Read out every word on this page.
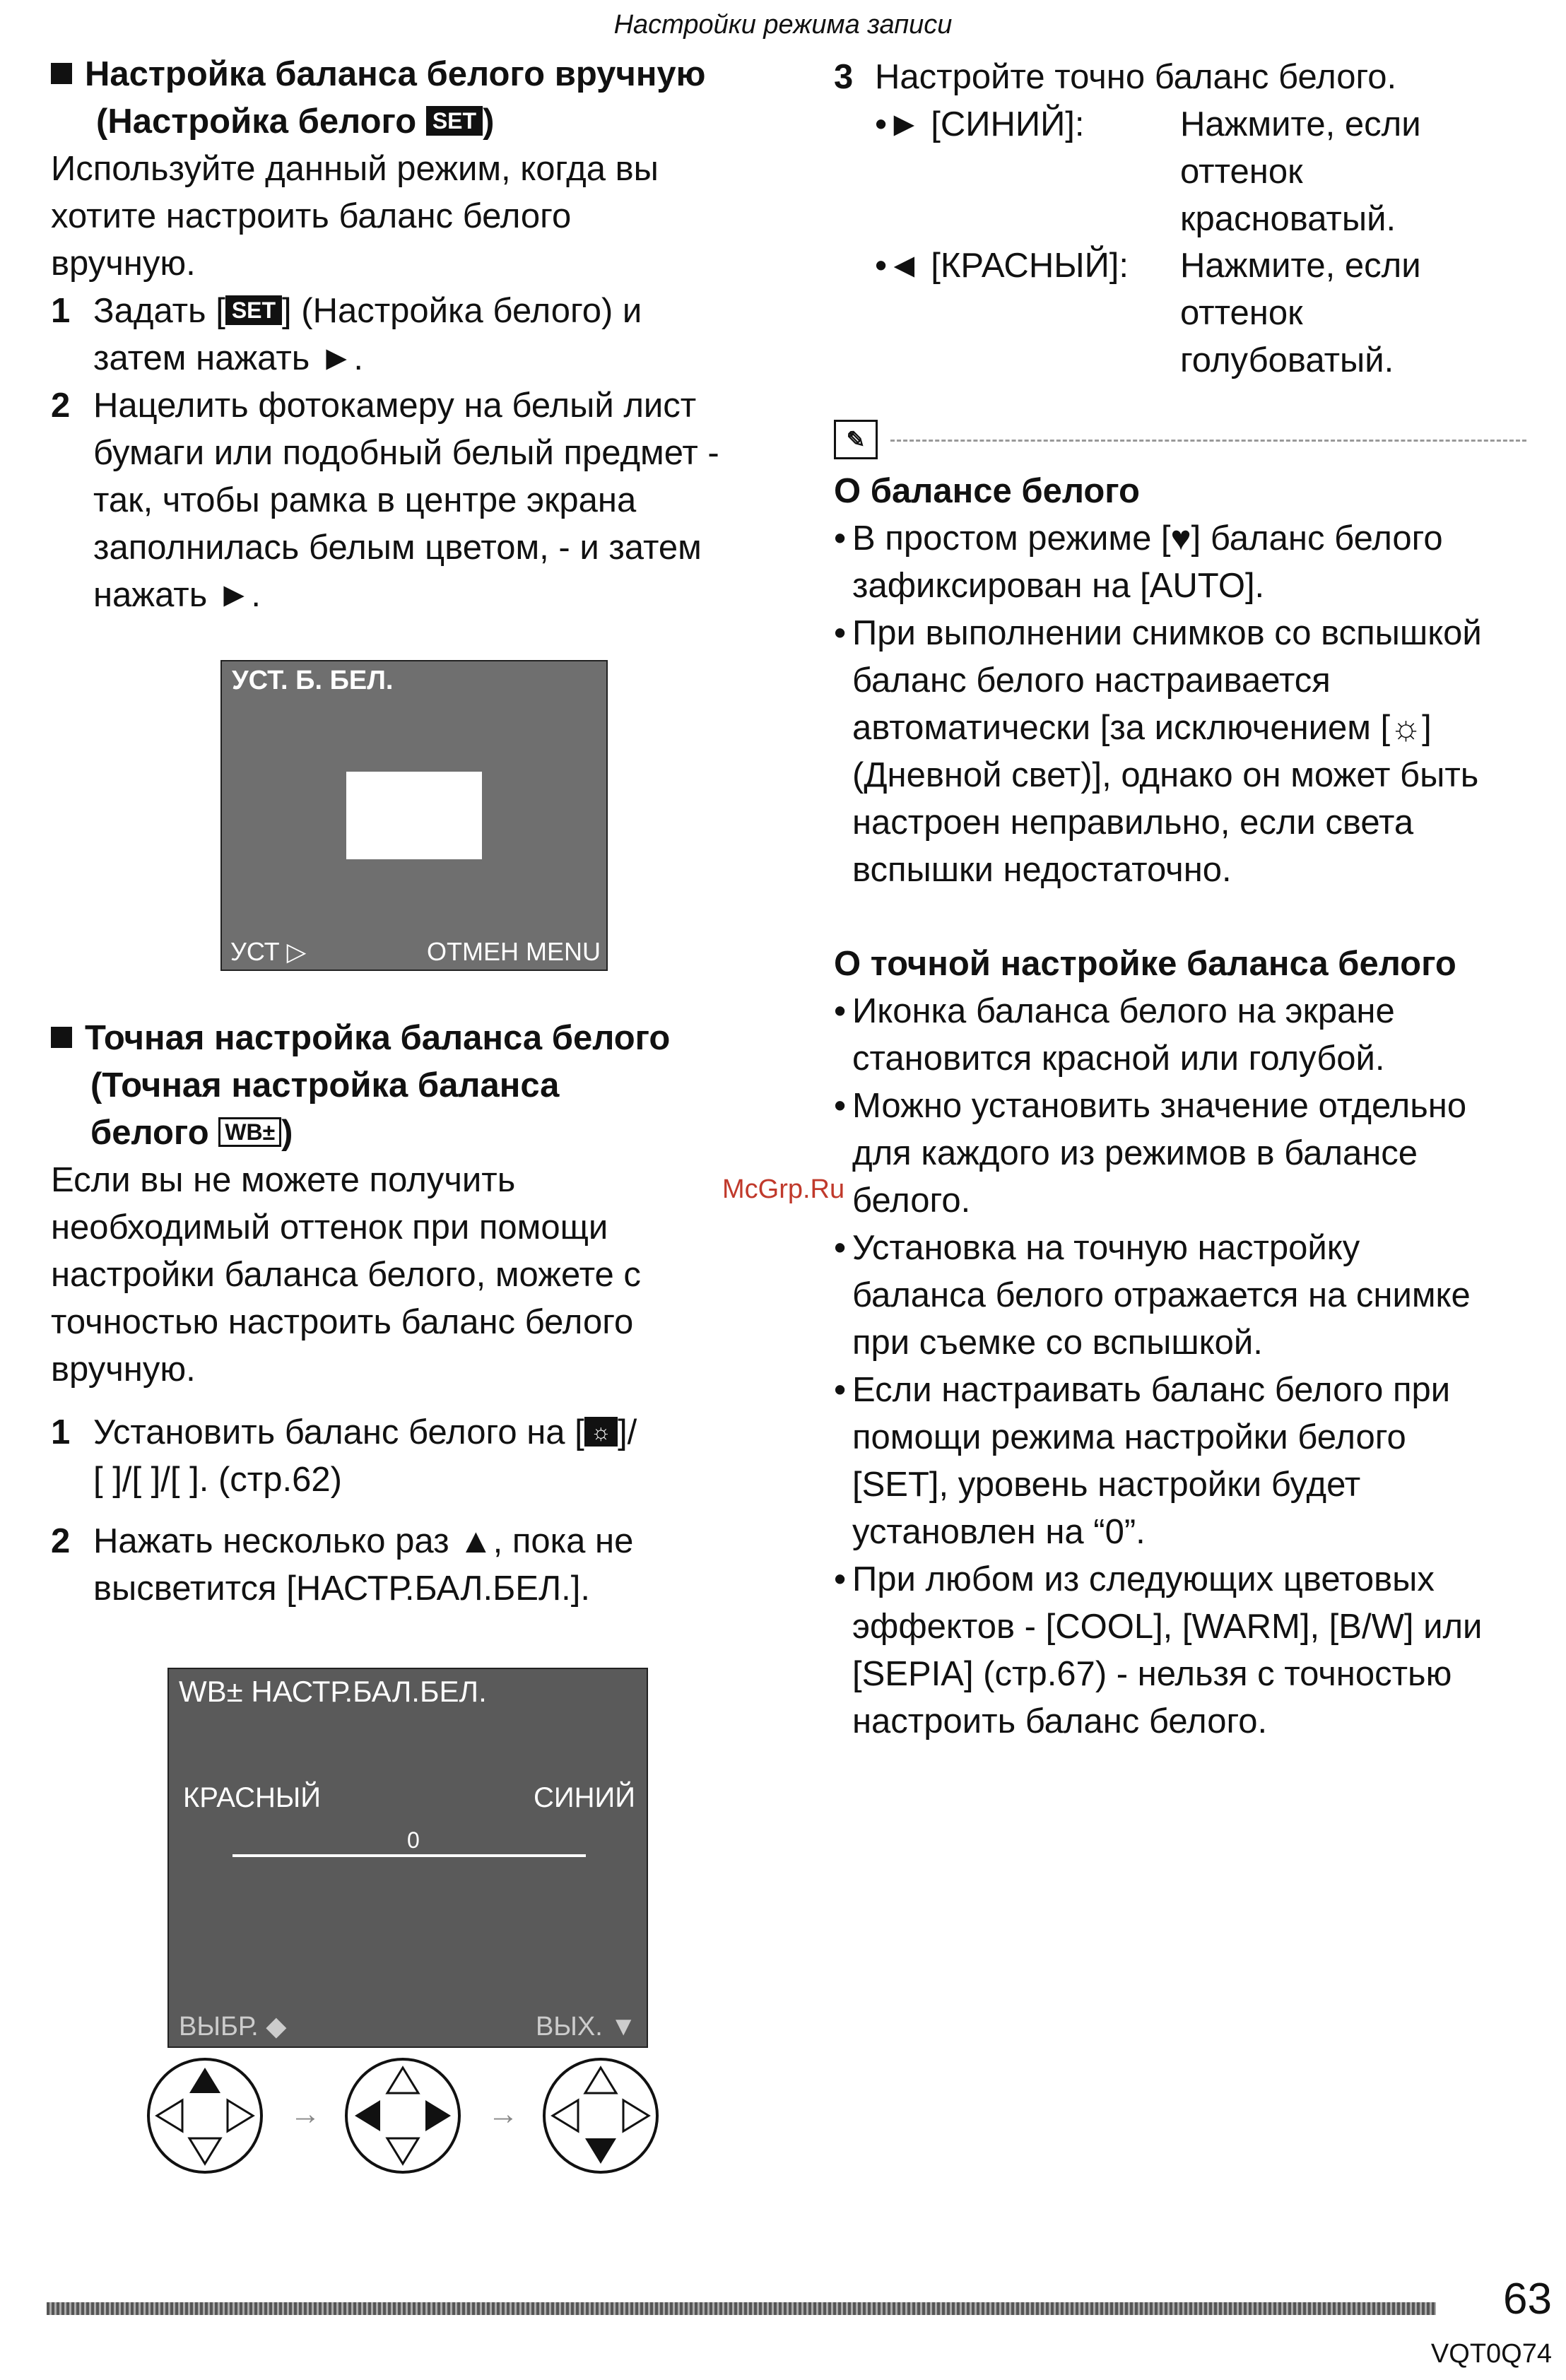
Настройки режима записи
Настройка баланса белого вручную
(Настройка белого SET )
Используйте данный режим, когда вы
хотите настроить баланс белого
вручную.
1 Задать [ SET ] (Настройка белого) и
затем нажать ►.
2 Нацелить фотокамеру на белый лист
бумаги или подобный белый предмет -
так, чтобы рамка в центре экрана
заполнилась белым цветом, - и затем
нажать ►.
УСТ. Б. БЕЛ.
УСТ ▷	ОТМЕН MENU
Точная настройка баланса белого
(Точная настройка баланса
белого WB± )
Если вы не можете получить
необходимый оттенок при помощи
настройки баланса белого, можете с
точностью настроить баланс белого
вручную.
1 Установить баланс белого на [ ☼ ]/
[ ]/[ ]/[ ]. (стр.62)
2 Нажать несколько раз ▲, пока не
высветится [НАСТР.БАЛ.БЕЛ.].
WB± НАСТР.БАЛ.БЕЛ.
КРАСНЫЙ	СИНИЙ
0
ВЫБР. ◆	ВЫХ. ▼
→	→
3 Настройте точно баланс белого.
•► [СИНИЙ]:	Нажмите, если
оттенок
красноватый.
•◄ [КРАСНЫЙ]: Нажмите, если
оттенок
голубоватый.
✎
О балансе белого
• В простом режиме [♥] баланс белого
зафиксирован на [AUTO].
• При выполнении снимков со вспышкой
баланс белого настраивается
автоматически [за исключением [☼]
(Дневной свет)], однако он может быть
настроен неправильно, если света
вспышки недостаточно.
О точной настройке баланса белого
• Иконка баланса белого на экране
становится красной или голубой.
• Можно установить значение отдельно
для каждого из режимов в балансе
белого.
• Установка на точную настройку
баланса белого отражается на снимке
при съемке со вспышкой.
• Если настраивать баланс белого при
помощи режима настройки белого
[SET], уровень настройки будет
установлен на “0”.
• При любом из следующих цветовых
эффектов - [COOL], [WARM], [B/W] или
[SEPIA] (стр.67) - нельзя с точностью
настроить баланс белого.
McGrp.Ru
63
VQT0Q74
